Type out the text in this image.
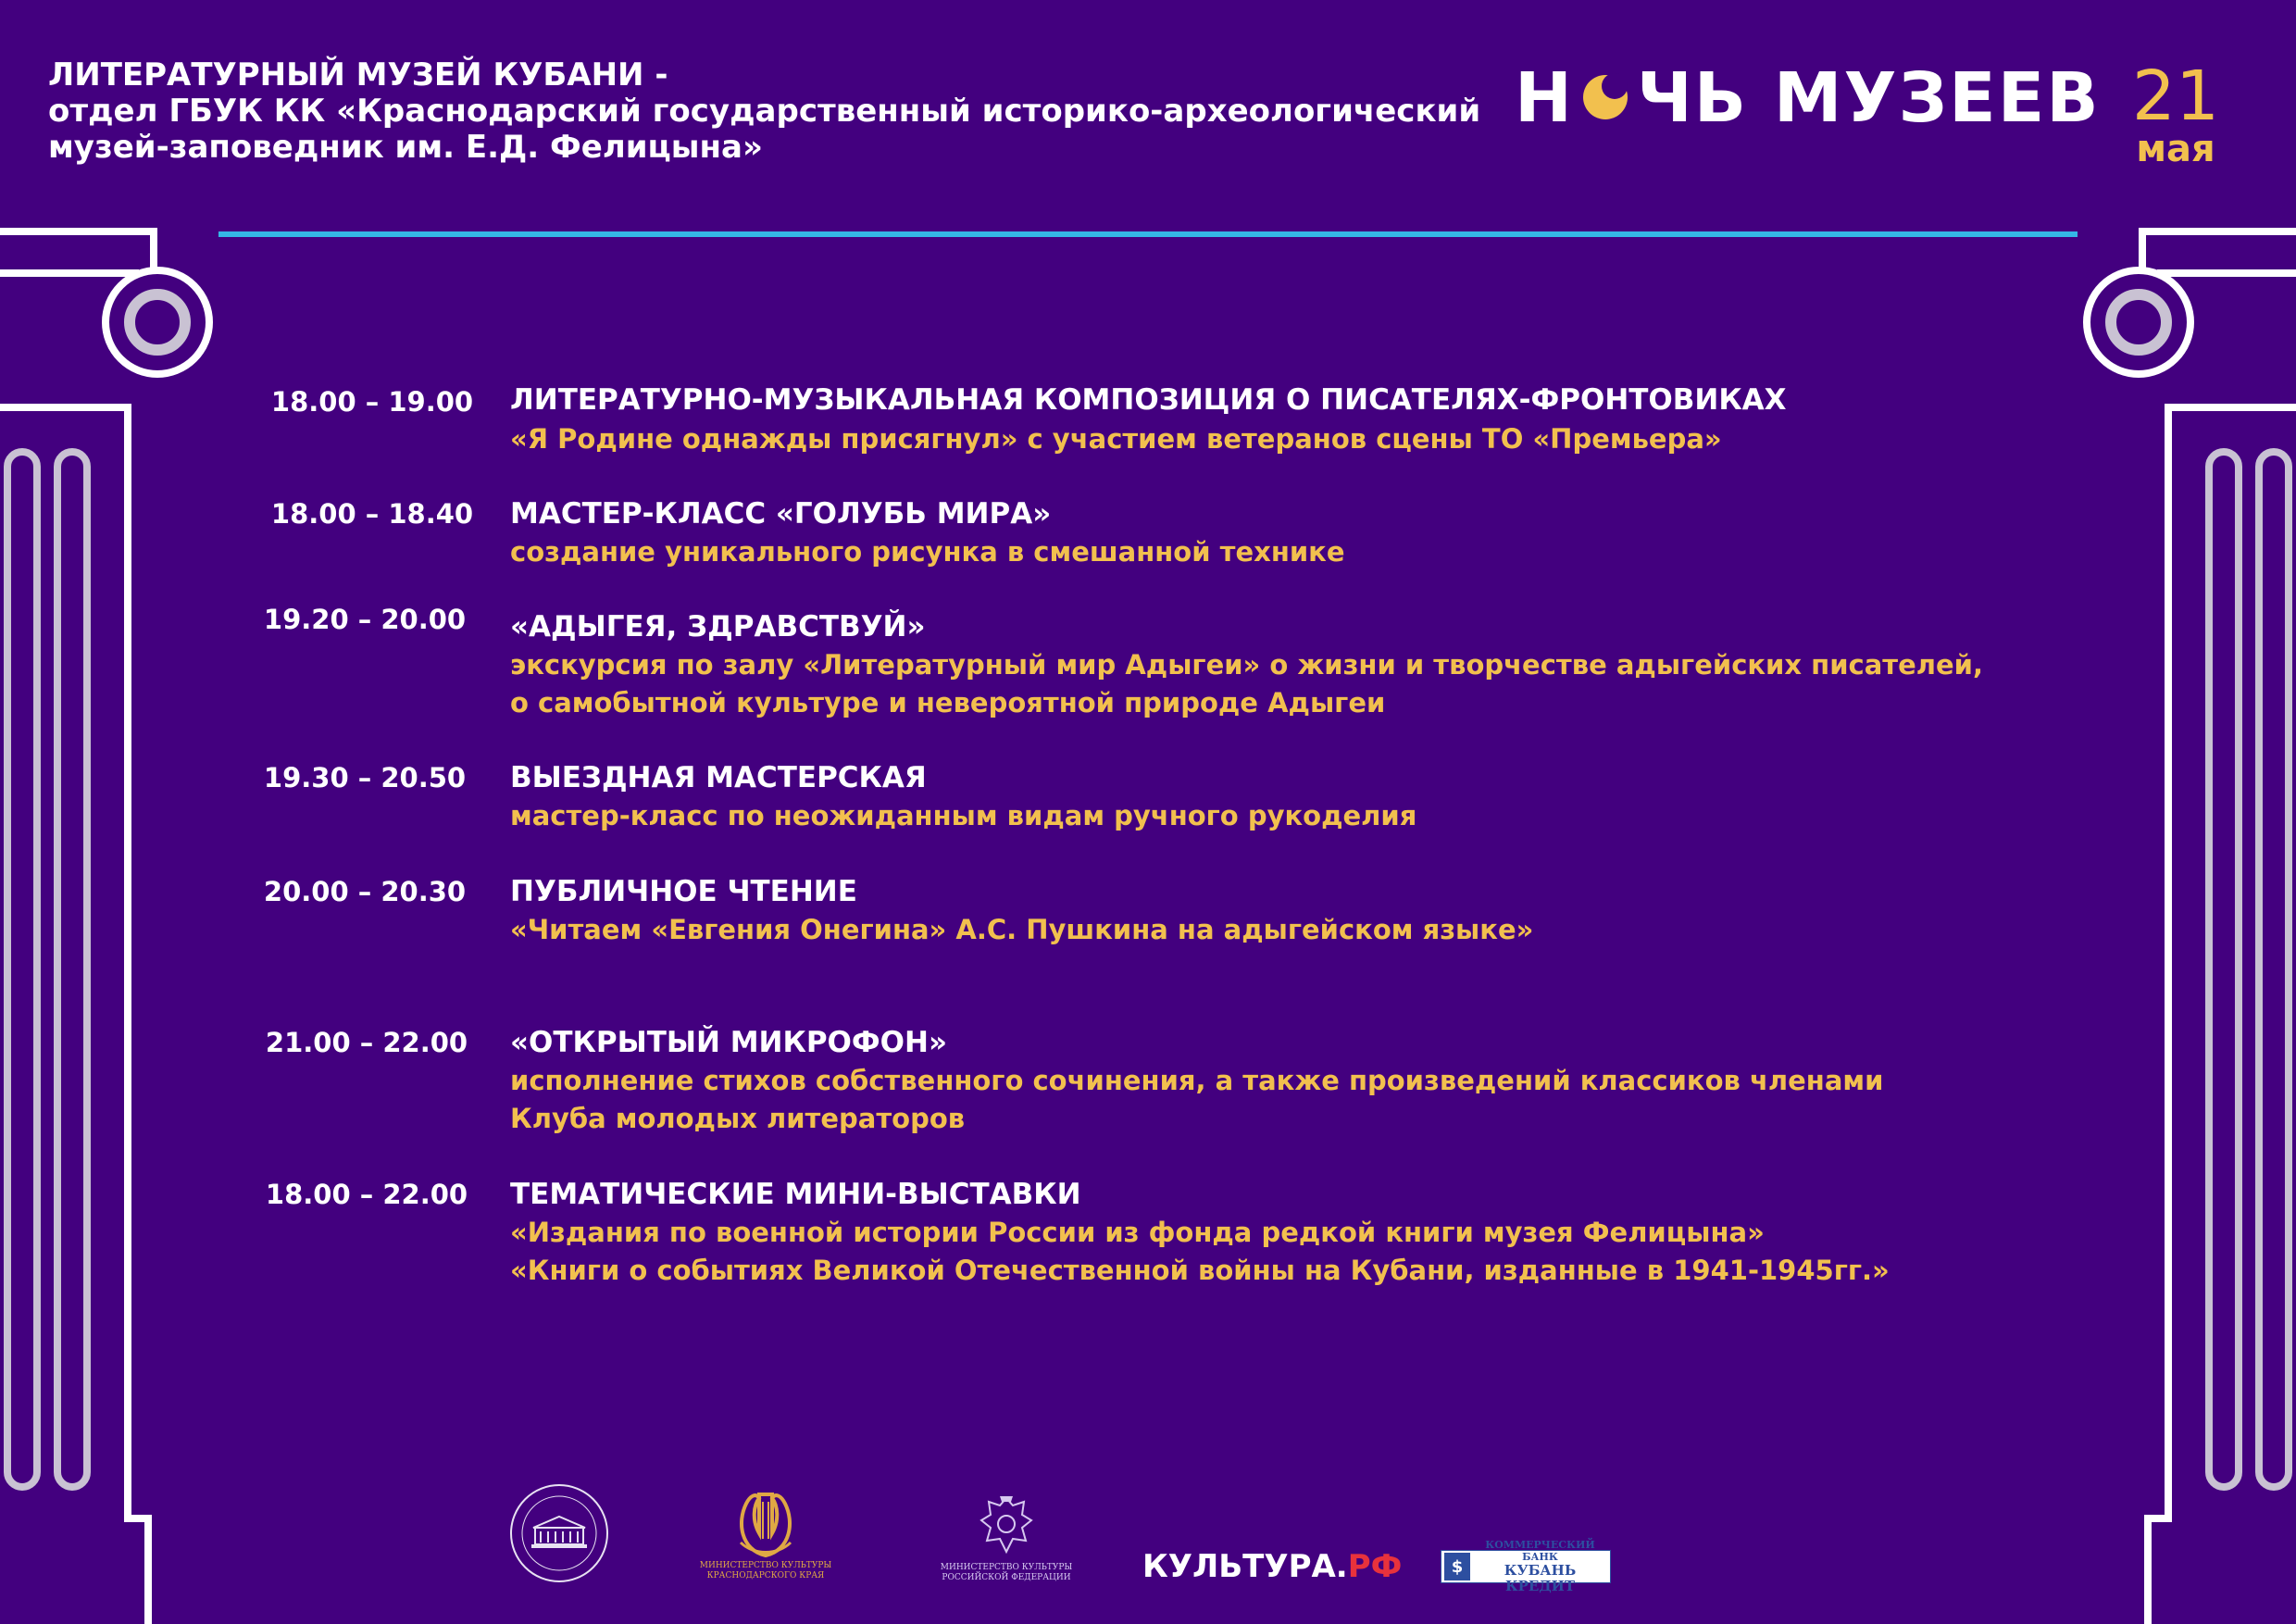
ЛИТЕРАТУРНЫЙ МУЗЕЙ КУБАНИ -
отдел ГБУК КК «Краснодарский государственный историко-археологический
музей-заповедник им. Е.Д. Фелицына»
Н ЧЬ МУЗЕЕВ 21
мая
18.00 – 19.00 ЛИТЕРАТУРНО-МУЗЫКАЛЬНАЯ КОМПОЗИЦИЯ О ПИСАТЕЛЯХ-ФРОНТОВИКАХ
«Я Родине однажды присягнул» с участием ветеранов сцены ТО «Премьера»
18.00 – 18.40 МАСТЕР-КЛАСС «ГОЛУБЬ МИРА»
создание уникального рисунка в смешанной технике
19.20 – 20.00 «АДЫГЕЯ, ЗДРАВСТВУЙ»
экскурсия по залу «Литературный мир Адыгеи» о жизни и творчестве адыгейских писателей,
о самобытной культуре и невероятной природе Адыгеи
19.30 – 20.50 ВЫЕЗДНАЯ МАСТЕРСКАЯ
мастер-класс по неожиданным видам ручного рукоделия
20.00 – 20.30 ПУБЛИЧНОЕ ЧТЕНИЕ
«Читаем «Евгения Онегина» А.С. Пушкина на адыгейском языке»
21.00 – 22.00 «ОТКРЫТЫЙ МИКРОФОН»
исполнение стихов собственного сочинения, а также произведений классиков членами
Клуба молодых литераторов
18.00 – 22.00 ТЕМАТИЧЕСКИЕ МИНИ-ВЫСТАВКИ
«Издания по военной истории России из фонда редкой книги музея Фелицына»
«Книги о событиях Великой Отечественной войны на Кубани, изданные в 1941-1945гг.»
МИНИСТЕРСТВО КУЛЬТУРЫ
КРАСНОДАРСКОГО КРАЯ
МИНИСТЕРСТВО КУЛЬТУРЫ
РОССИЙСКОЙ ФЕДЕРАЦИИ КУЛЬТУРА.РФ	$
КОММЕРЧЕСКИЙ БАНК
КУБАНЬ КРЕДИТ
